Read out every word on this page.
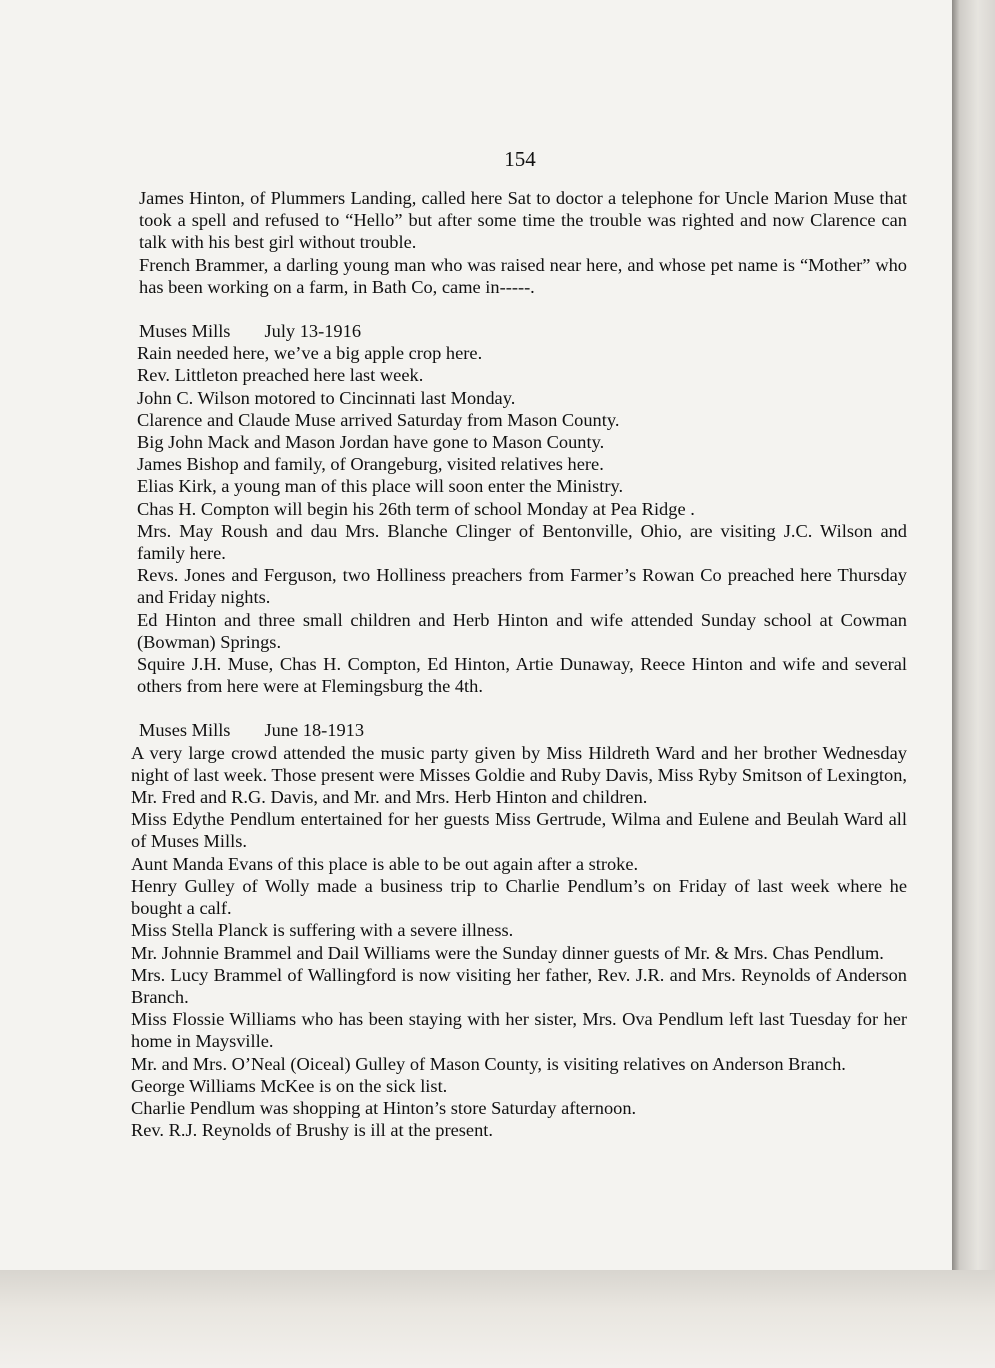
154

James Hinton, of Plummers Landing, called here Sat to doctor a telephone for Uncle Marion Muse that took a spell and refused to “Hello” but after some time the trouble was righted and now Clarence can talk with his best girl without trouble.

French Brammer, a darling young man who was raised near here, and whose pet name is “Mother” who has been working on a farm, in Bath Co, came in-----.

Muses Mills July 13-1916

Rain needed here, we’ve a big apple crop here.

Rev. Littleton preached here last week.

John C. Wilson motored to Cincinnati last Monday.

Clarence and Claude Muse arrived Saturday from Mason County.

Big John Mack and Mason Jordan have gone to Mason County.

James Bishop and family, of Orangeburg, visited relatives here.

Elias Kirk, a young man of this place will soon enter the Ministry.

Chas H. Compton will begin his 26th term of school Monday at Pea Ridge .

Mrs. May Roush and dau Mrs. Blanche Clinger of Bentonville, Ohio, are visiting J.C. Wilson and family here.

Revs. Jones and Ferguson, two Holliness preachers from Farmer’s Rowan Co preached here Thursday and Friday nights.

Ed Hinton and three small children and Herb Hinton and wife attended Sunday school at Cowman (Bowman) Springs.

Squire J.H. Muse, Chas H. Compton, Ed Hinton, Artie Dunaway, Reece Hinton and wife and several others from here were at Flemingsburg the 4th.

Muses Mills June 18-1913

A very large crowd attended the music party given by Miss Hildreth Ward and her brother Wednesday night of last week. Those present were Misses Goldie and Ruby Davis, Miss Ryby Smitson of Lexington, Mr. Fred and R.G. Davis, and Mr. and Mrs. Herb Hinton and children.

Miss Edythe Pendlum entertained for her guests Miss Gertrude, Wilma and Eulene and Beulah Ward all of Muses Mills.

Aunt Manda Evans of this place is able to be out again after a stroke.

Henry Gulley of Wolly made a business trip to Charlie Pendlum’s on Friday of last week where he bought a calf.

Miss Stella Planck is suffering with a severe illness.

Mr. Johnnie Brammel and Dail Williams were the Sunday dinner guests of Mr. & Mrs. Chas Pendlum.

Mrs. Lucy Brammel of Wallingford is now visiting her father, Rev. J.R. and Mrs. Reynolds of Anderson Branch.

Miss Flossie Williams who has been staying with her sister, Mrs. Ova Pendlum left last Tuesday for her home in Maysville.

Mr. and Mrs. O’Neal (Oiceal) Gulley of Mason County, is visiting relatives on Anderson Branch.

George Williams McKee is on the sick list.

Charlie Pendlum was shopping at Hinton’s store Saturday afternoon.

Rev. R.J. Reynolds of Brushy is ill at the present.
